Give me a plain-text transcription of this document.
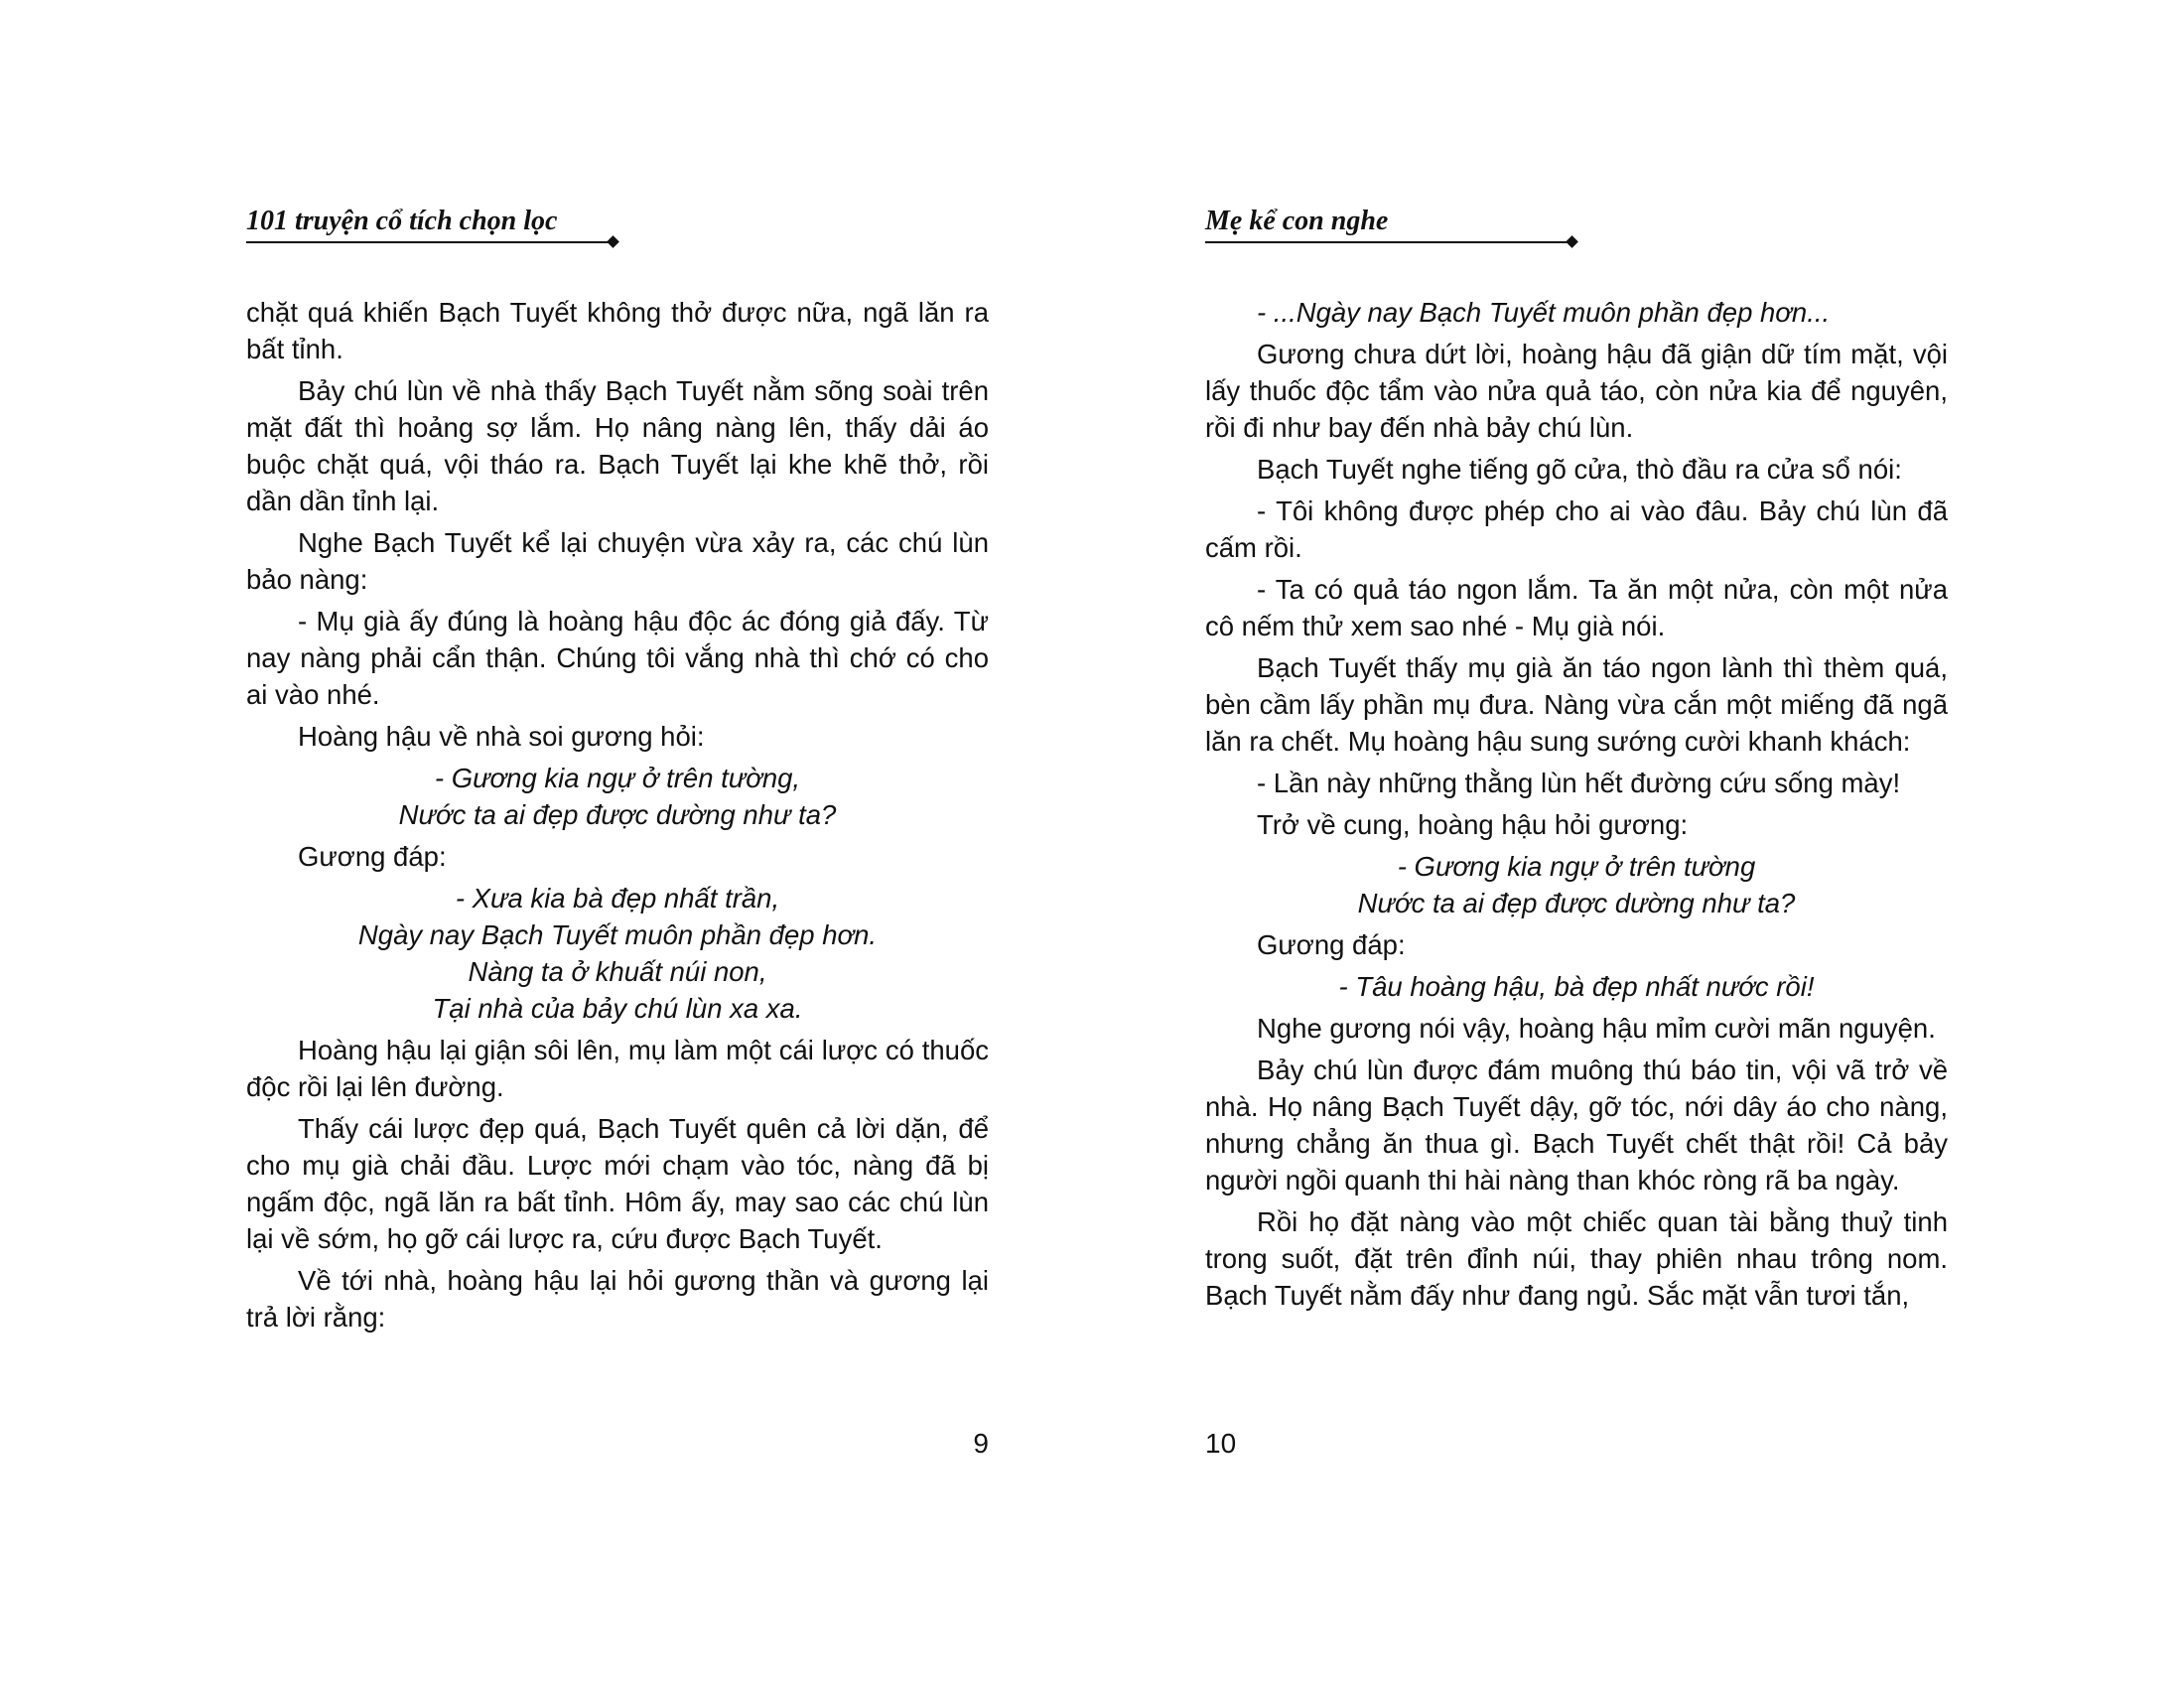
101 truyện cổ tích chọn lọc

chặt quá khiến Bạch Tuyết không thở được nữa, ngã lăn ra bất tỉnh.

Bảy chú lùn về nhà thấy Bạch Tuyết nằm sõng soài trên mặt đất thì hoảng sợ lắm. Họ nâng nàng lên, thấy dải áo buộc chặt quá, vội tháo ra. Bạch Tuyết lại khe khẽ thở, rồi dần dần tỉnh lại.

Nghe Bạch Tuyết kể lại chuyện vừa xảy ra, các chú lùn bảo nàng:

- Mụ già ấy đúng là hoàng hậu độc ác đóng giả đấy. Từ nay nàng phải cẩn thận. Chúng tôi vắng nhà thì chớ có cho ai vào nhé.

Hoàng hậu về nhà soi gương hỏi:

- Gương kia ngự ở trên tường,

Nước ta ai đẹp được dường như ta?

Gương đáp:

- Xưa kia bà đẹp nhất trần,

Ngày nay Bạch Tuyết muôn phần đẹp hơn.

Nàng ta ở khuất núi non,

Tại nhà của bảy chú lùn xa xa.

Hoàng hậu lại giận sôi lên, mụ làm một cái lược có thuốc độc rồi lại lên đường.

Thấy cái lược đẹp quá, Bạch Tuyết quên cả lời dặn, để cho mụ già chải đầu. Lược mới chạm vào tóc, nàng đã bị ngấm độc, ngã lăn ra bất tỉnh. Hôm ấy, may sao các chú lùn lại về sớm, họ gỡ cái lược ra, cứu được Bạch Tuyết.

Về tới nhà, hoàng hậu lại hỏi gương thần và gương lại trả lời rằng:

9
Mẹ kể con nghe

- ...Ngày nay Bạch Tuyết muôn phần đẹp hơn...

Gương chưa dứt lời, hoàng hậu đã giận dữ tím mặt, vội lấy thuốc độc tẩm vào nửa quả táo, còn nửa kia để nguyên, rồi đi như bay đến nhà bảy chú lùn.

Bạch Tuyết nghe tiếng gõ cửa, thò đầu ra cửa sổ nói:

- Tôi không được phép cho ai vào đâu. Bảy chú lùn đã cấm rồi.

- Ta có quả táo ngon lắm. Ta ăn một nửa, còn một nửa cô nếm thử xem sao nhé - Mụ già nói.

Bạch Tuyết thấy mụ già ăn táo ngon lành thì thèm quá, bèn cầm lấy phần mụ đưa. Nàng vừa cắn một miếng đã ngã lăn ra chết. Mụ hoàng hậu sung sướng cười khanh khách:

- Lần này những thằng lùn hết đường cứu sống mày!

Trở về cung, hoàng hậu hỏi gương:

- Gương kia ngự ở trên tường

Nước ta ai đẹp được dường như ta?

Gương đáp:

- Tâu hoàng hậu, bà đẹp nhất nước rồi!

Nghe gương nói vậy, hoàng hậu mỉm cười mãn nguyện.

Bảy chú lùn được đám muông thú báo tin, vội vã trở về nhà. Họ nâng Bạch Tuyết dậy, gỡ tóc, nới dây áo cho nàng, nhưng chẳng ăn thua gì. Bạch Tuyết chết thật rồi! Cả bảy người ngồi quanh thi hài nàng than khóc ròng rã ba ngày.

Rồi họ đặt nàng vào một chiếc quan tài bằng thuỷ tinh trong suốt, đặt trên đỉnh núi, thay phiên nhau trông nom. Bạch Tuyết nằm đấy như đang ngủ. Sắc mặt vẫn tươi tắn,

10
